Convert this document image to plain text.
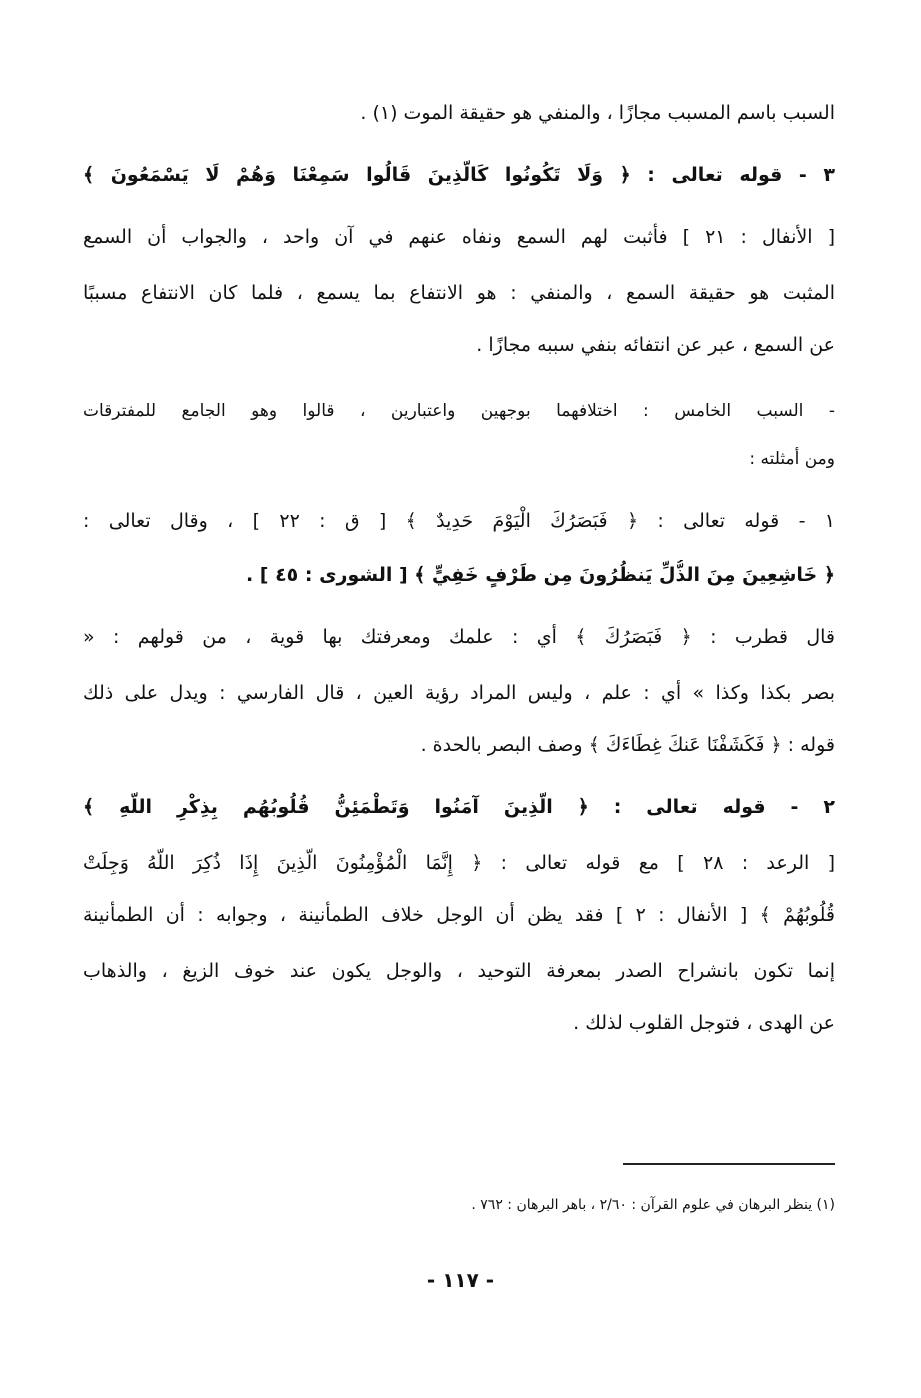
السبب باسم المسبب مجازًا ، والمنفي هو حقيقة الموت (١) .
٣ - قوله تعالى : ﴿ وَلَا تَكُونُوا كَالَّذِينَ قَالُوا سَمِعْنَا وَهُمْ لَا يَسْمَعُونَ ﴾
[ الأنفال : ٢١ ] فأثبت لهم السمع ونفاه عنهم في آن واحد ، والجواب أن السمع
المثبت هو حقيقة السمع ، والمنفي : هو الانتفاع بما يسمع ، فلما كان الانتفاع مسببًا
عن السمع ، عبر عن انتفائه بنفي سببه مجازًا .
- السبب الخامس : اختلافهما بوجهين واعتبارين ، قالوا وهو الجامع للمفترقات
ومن أمثلته :
١ - قوله تعالى : ﴿ فَبَصَرُكَ الْيَوْمَ حَدِيدٌ ﴾ [ ق : ٢٢ ] ، وقال تعالى :
﴿ خَاشِعِينَ مِنَ الذُّلِّ يَنظُرُونَ مِن طَرْفٍ خَفِيٍّ ﴾ [ الشورى : ٤٥ ] .
قال قطرب : ﴿ فَبَصَرُكَ ﴾ أي : علمك ومعرفتك بها قوية ، من قولهم : «
بصر بكذا وكذا » أي : علم ، وليس المراد رؤية العين ، قال الفارسي : ويدل على ذلك
قوله : ﴿ فَكَشَفْنَا عَنكَ غِطَاءَكَ ﴾ وصف البصر بالحدة .
٢ - قوله تعالى : ﴿ الَّذِينَ آمَنُوا وَتَطْمَئِنُّ قُلُوبُهُم بِذِكْرِ اللَّهِ ﴾
[ الرعد : ٢٨ ] مع قوله تعالى : ﴿ إِنَّمَا الْمُؤْمِنُونَ الَّذِينَ إِذَا ذُكِرَ اللَّهُ وَجِلَتْ
قُلُوبُهُمْ ﴾ [ الأنفال : ٢ ] فقد يظن أن الوجل خلاف الطمأنينة ، وجوابه : أن الطمأنينة
إنما تكون بانشراح الصدر بمعرفة التوحيد ، والوجل يكون عند خوف الزيغ ، والذهاب
عن الهدى ، فتوجل القلوب لذلك .
(١) ينظر البرهان في علوم القرآن : ٢/٦٠ ، باهر البرهان : ٧٦٢ .
- ١١٧ -
